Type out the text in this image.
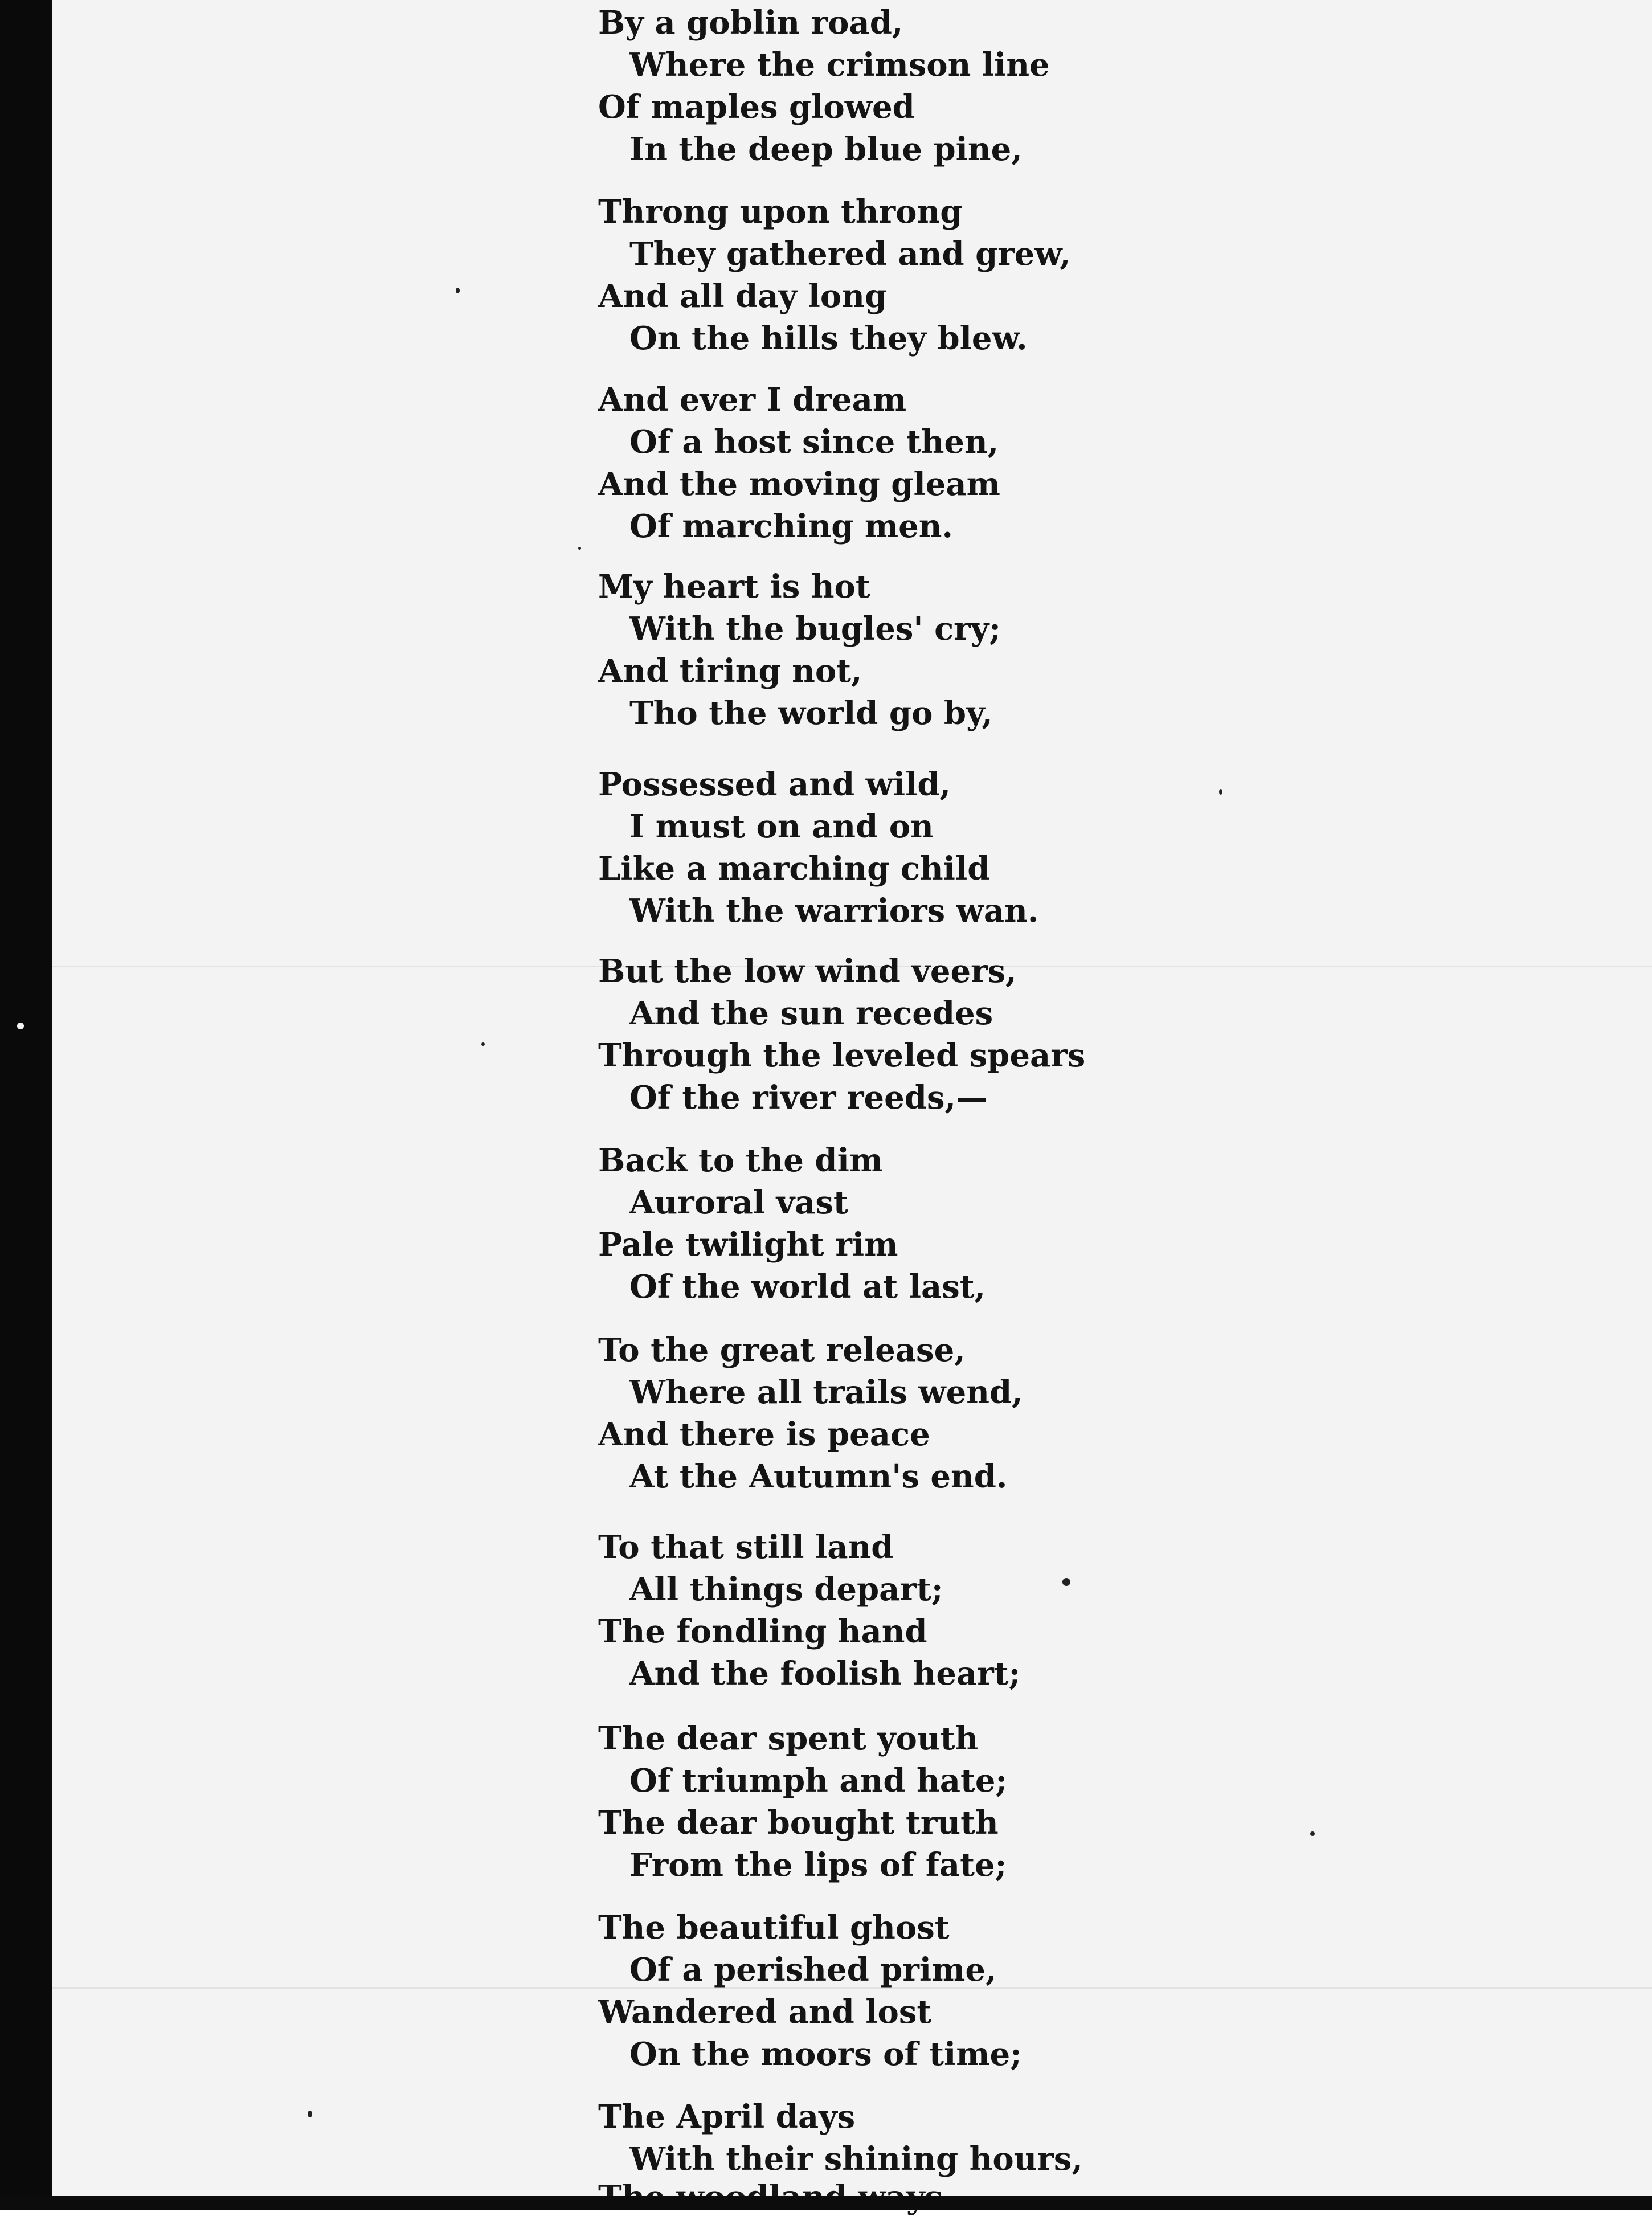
By a goblin road,
Where the crimson line
Of maples glowed
In the deep blue pine,
Throng upon throng
They gathered and grew,
And all day long
On the hills they blew.
And ever I dream
Of a host since then,
And the moving gleam
Of marching men.
My heart is hot
With the bugles' cry;
And tiring not,
Tho the world go by,
Possessed and wild,
I must on and on
Like a marching child
With the warriors wan.
But the low wind veers,
And the sun recedes
Through the leveled spears
Of the river reeds,—
Back to the dim
Auroral vast
Pale twilight rim
Of the world at last,
To the great release,
Where all trails wend,
And there is peace
At the Autumn's end.
To that still land
All things depart;
The fondling hand
And the foolish heart;
The dear spent youth
Of triumph and hate;
The dear bought truth
From the lips of fate;
The beautiful ghost
Of a perished prime,
Wandered and lost
On the moors of time;
The April days
With their shining hours,
